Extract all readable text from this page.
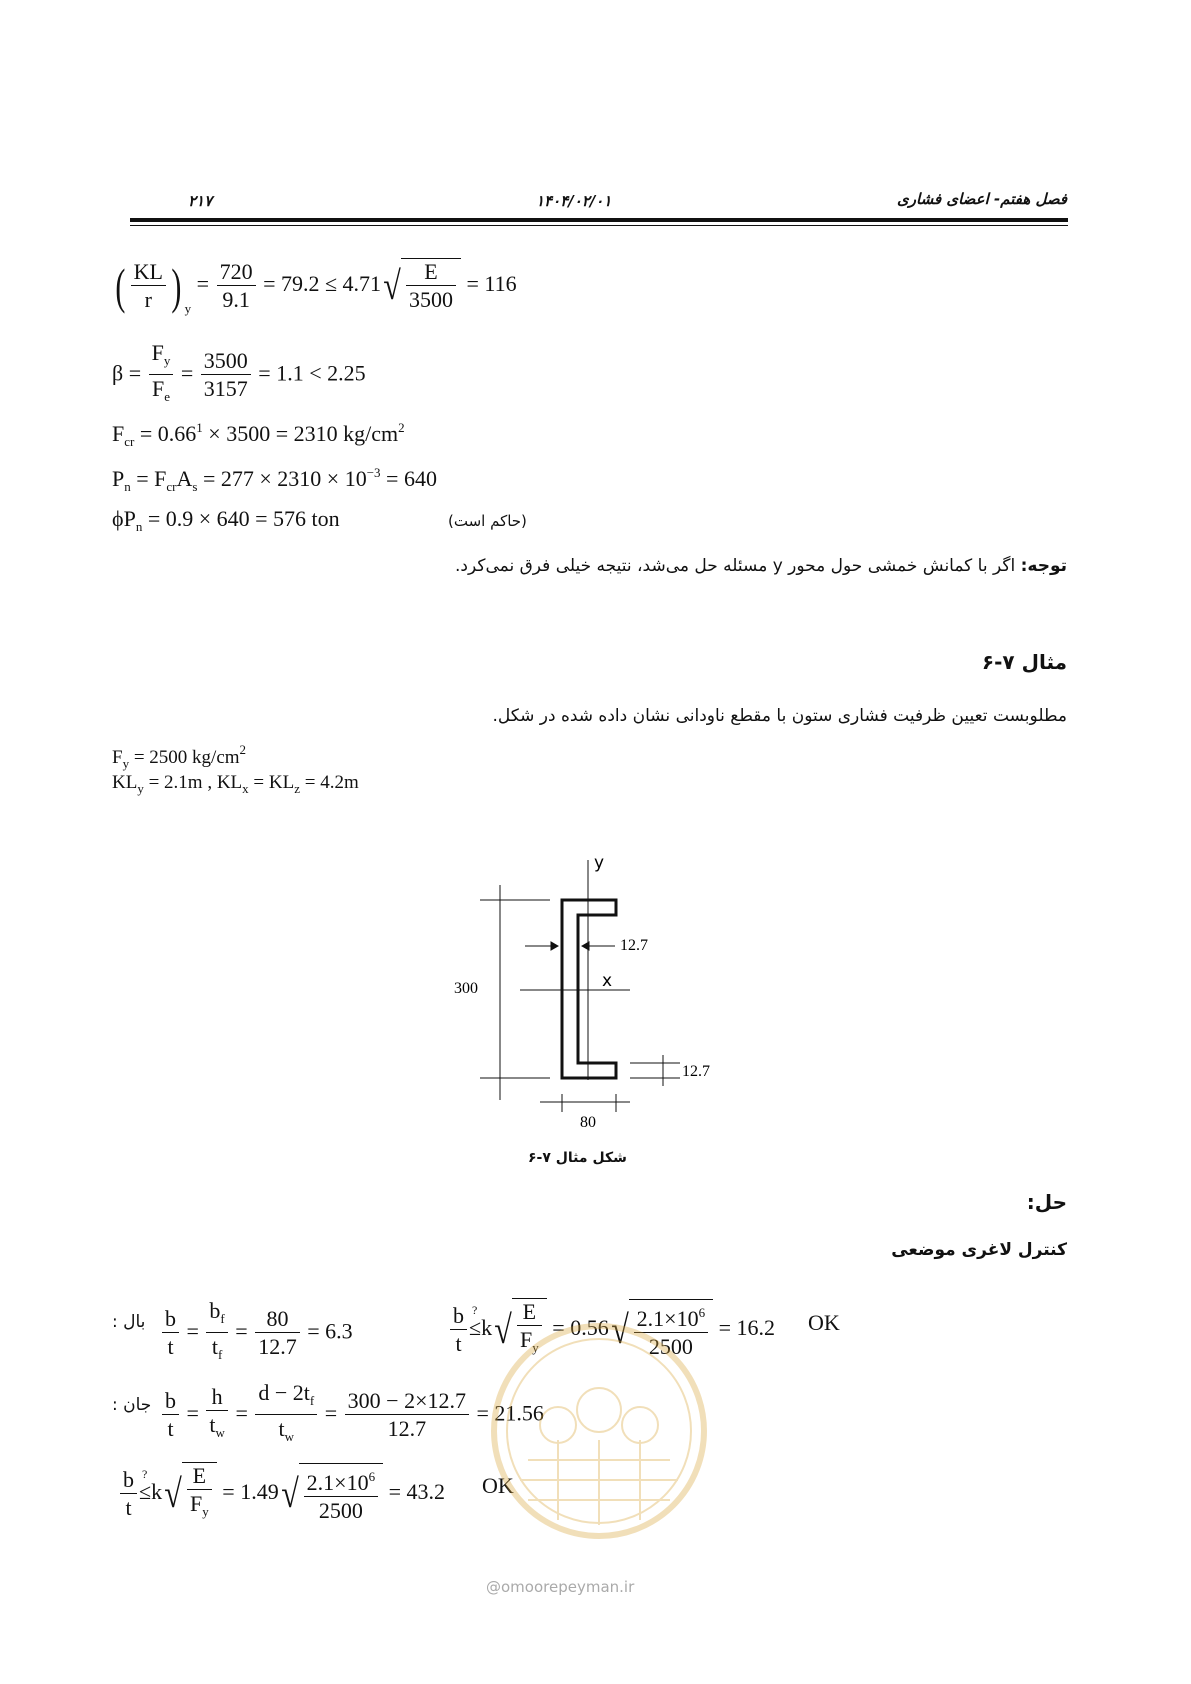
۲۱۷	۱۴۰۴/۰۲/۰۱	فصل هفتم- اعضای فشاری
( $\frac{KL}{r}$ ) $_y = \frac{720}{9.1} = 79.2 \le 4.71√ \frac{E}{3500} = 116$
$\beta = \frac{F_y}{F_e} = \frac{3500}{3157} = 1.1 < 2.25$
$F_{cr} = 0.66^1 \times 3500 = 2310$ $kg/cm^2$
$P_n = F_{cr}A_s = 277 \times 2310 \times 10^{-3} = 640$
$\phi P_n = 0.9 \times 640 = 576$ ton	(حاکم است)
توجه: اگر با کمانش خمشی حول محور y مسئله حل می‌شد، نتیجه خیلی فرق نمی‌کرد.
مثال ۷-۶
مطلوبست تعیین ظرفیت فشاری ستون با مقطع ناودانی نشان داده شده در شکل.
$F_y = 2500$ $kg/cm^2$
$KL_y = 2.1m$ , $KL_x = KL_z = 4.2m$
y
x
300
12.7
12.7
80
شکل مثال ۷-۶
حل:
کنترل لاغری موضعی
: بال $\frac{b}{t} = \frac{b_f}{t_f} = \frac{80}{12.7} = 6.3$	$\frac{b}{t}$ ?
$\le k√ \frac{E}{F_y} = 0.56√ \frac{2.1\times 10^6}{2500} = 16.2$ OK
: جان $\frac{b}{t} = \frac{h}{t_w} = \frac{d - 2t_f}{t_w} = \frac{300 - 2\times 12.7}{12.7} = 21.56$
$\frac{b}{t}$ ?
$\le k√ \frac{E}{F_y} = 1.49√ \frac{2.1\times 10^6}{2500} = 43.2$ OK
@omoorepeyman.ir
